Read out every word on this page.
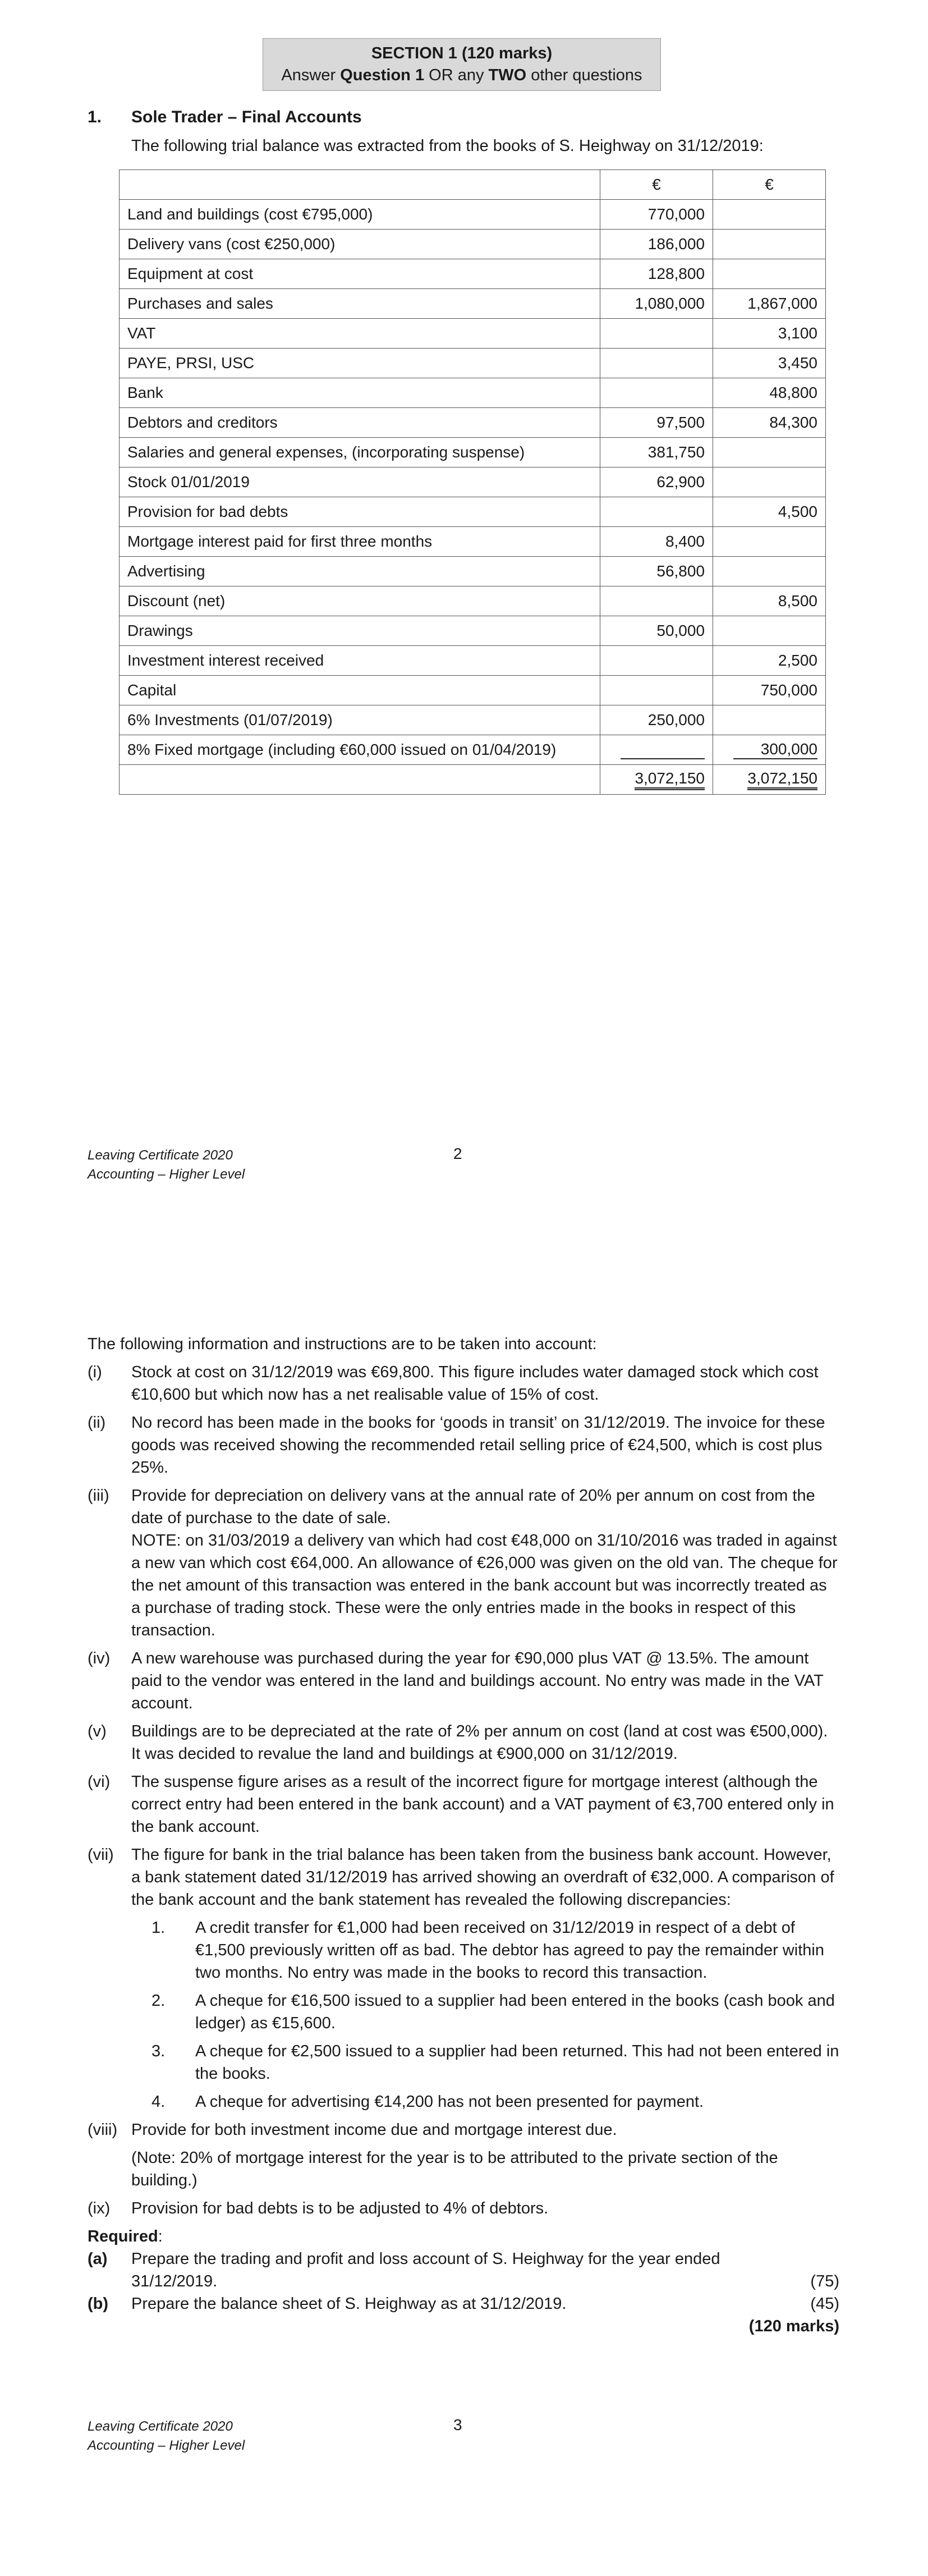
SECTION 1 (120 marks)
Answer Question 1 OR any TWO other questions
1. Sole Trader – Final Accounts
The following trial balance was extracted from the books of S. Heighway on 31/12/2019:
	€	€
Land and buildings (cost €795,000)	770,000	
Delivery vans (cost €250,000)	186,000	
Equipment at cost	128,800	
Purchases and sales	1,080,000	1,867,000
VAT		3,100
PAYE, PRSI, USC		3,450
Bank		48,800
Debtors and creditors	97,500	84,300
Salaries and general expenses, (incorporating suspense)	381,750	
Stock 01/01/2019	62,900	
Provision for bad debts		4,500
Mortgage interest paid for first three months	8,400	
Advertising	56,800	
Discount (net)		8,500
Drawings	50,000	
Investment interest received		2,500
Capital		750,000
6% Investments (01/07/2019)	250,000	
8% Fixed mortgage (including €60,000 issued on 01/04/2019)		300,000
	3,072,150	3,072,150
Leaving Certificate 2020
Accounting – Higher Level
2
The following information and instructions are to be taken into account:
(i) Stock at cost on 31/12/2019 was €69,800. This figure includes water damaged stock which cost €10,600 but which now has a net realisable value of 15% of cost.
(ii) No record has been made in the books for ‘goods in transit’ on 31/12/2019. The invoice for these goods was received showing the recommended retail selling price of €24,500, which is cost plus 25%.
(iii) Provide for depreciation on delivery vans at the annual rate of 20% per annum on cost from the date of purchase to the date of sale.
NOTE: on 31/03/2019 a delivery van which had cost €48,000 on 31/10/2016 was traded in against a new van which cost €64,000. An allowance of €26,000 was given on the old van. The cheque for the net amount of this transaction was entered in the bank account but was incorrectly treated as a purchase of trading stock. These were the only entries made in the books in respect of this transaction.
(iv) A new warehouse was purchased during the year for €90,000 plus VAT @ 13.5%. The amount paid to the vendor was entered in the land and buildings account. No entry was made in the VAT account.
(v) Buildings are to be depreciated at the rate of 2% per annum on cost (land at cost was €500,000). It was decided to revalue the land and buildings at €900,000 on 31/12/2019.
(vi) The suspense figure arises as a result of the incorrect figure for mortgage interest (although the correct entry had been entered in the bank account) and a VAT payment of €3,700 entered only in the bank account.
(vii) The figure for bank in the trial balance has been taken from the business bank account. However, a bank statement dated 31/12/2019 has arrived showing an overdraft of €32,000. A comparison of the bank account and the bank statement has revealed the following discrepancies:
1. A credit transfer for €1,000 had been received on 31/12/2019 in respect of a debt of €1,500 previously written off as bad. The debtor has agreed to pay the remainder within two months. No entry was made in the books to record this transaction.
2. A cheque for €16,500 issued to a supplier had been entered in the books (cash book and ledger) as €15,600.
3. A cheque for €2,500 issued to a supplier had been returned. This had not been entered in the books.
4. A cheque for advertising €14,200 has not been presented for payment.
(viii) Provide for both investment income due and mortgage interest due.
(Note: 20% of mortgage interest for the year is to be attributed to the private section of the building.)
(ix) Provision for bad debts is to be adjusted to 4% of debtors.
Required:
(a) Prepare the trading and profit and loss account of S. Heighway for the year ended 31/12/2019.	(75)
(b) Prepare the balance sheet of S. Heighway as at 31/12/2019.	(45)
(120 marks)
Leaving Certificate 2020
Accounting – Higher Level
3
